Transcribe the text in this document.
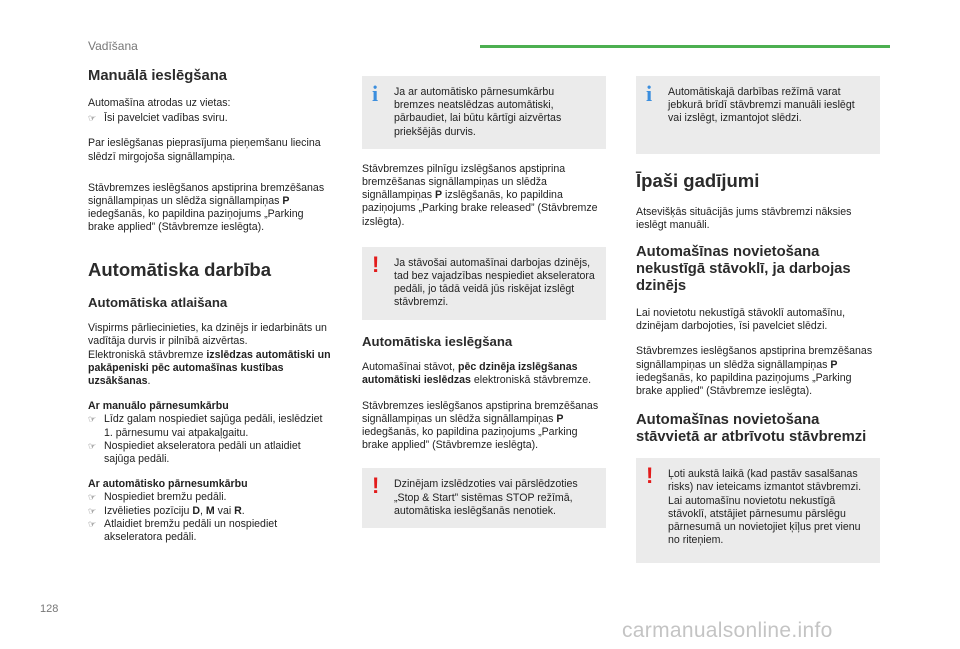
Vadīšana
Manuālā ieslēgšana

Automašīna atrodas uz vietas:

☞ Īsi pavelciet vadības sviru.

Par ieslēgšanas pieprasījuma pieņemšanu liecina slēdzī mirgojoša signāllampiņa.

Stāvbremzes ieslēgšanos apstiprina bremzēšanas signāllampiņas un slēdža signāllampiņas P iedegšanās, ko papildina paziņojums „Parking brake applied” (Stāvbremze ieslēgta).

Automātiska darbība
Automātiska atlaišana

Vispirms pārliecinieties, ka dzinējs ir iedarbināts un vadītāja durvis ir pilnībā aizvērtas.
Elektroniskā stāvbremze izslēdzas automātiski un pakāpeniski pēc automašīnas kustības uzsākšanas.

Ar manuālo pārnesumkārbu
☞ Līdz galam nospiediet sajūga pedāli, ieslēdziet 1. pārnesumu vai atpakaļgaitu.
☞ Nospiediet akseleratora pedāli un atlaidiet sajūga pedāli.
Ar automātisko pārnesumkārbu
☞ Nospiediet bremžu pedāli.
☞ Izvēlieties pozīciju D, M vai R.
☞ Atlaidiet bremžu pedāli un nospiediet akseleratora pedāli.
i Ja ar automātisko pārnesumkārbu bremzes neatslēdzas automātiski, pārbaudiet, lai būtu kārtīgi aizvērtas priekšējās durvis.

Stāvbremzes pilnīgu izslēgšanos apstiprina bremzēšanas signāllampiņas un slēdža signāllampiņas P izslēgšanās, ko papildina paziņojums „Parking brake released” (Stāvbremze izslēgta).

! Ja stāvošai automašīnai darbojas dzinējs, tad bez vajadzības nespiediet akseleratora pedāli, jo tādā veidā jūs riskējat izslēgt stāvbremzi.
Automātiska ieslēgšana

Automašīnai stāvot, pēc dzinēja izslēgšanas automātiski ieslēdzas elektroniskā stāvbremze.

Stāvbremzes ieslēgšanos apstiprina bremzēšanas signāllampiņas un slēdža signāllampiņas P iedegšanās, ko papildina paziņojums „Parking brake applied” (Stāvbremze ieslēgta).

! Dzinējam izslēdzoties vai pārslēdzoties „Stop & Start” sistēmas STOP režīmā, automātiska ieslēgšanās nenotiek.
i Automātiskajā darbības režīmā varat jebkurā brīdī stāvbremzi manuāli ieslēgt vai izslēgt, izmantojot slēdzi.
Īpaši gadījumi

Atsevišķās situācijās jums stāvbremzi nāksies ieslēgt manuāli.

Automašīnas novietošana nekustīgā stāvoklī, ja darbojas dzinējs

Lai novietotu nekustīgā stāvoklī automašīnu, dzinējam darbojoties, īsi pavelciet slēdzi.

Stāvbremzes ieslēgšanos apstiprina bremzēšanas signāllampiņas un slēdža signāllampiņas P iedegšanās, ko papildina paziņojums „Parking brake applied” (Stāvbremze ieslēgta).

Automašīnas novietošana stāvvietā ar atbrīvotu stāvbremzi
! Ļoti aukstā laikā (kad pastāv sasalšanas risks) nav ieteicams izmantot stāvbremzi. Lai automašīnu novietotu nekustīgā stāvoklī, atstājiet pārnesumu pārslēgu pārnesumā un novietojiet ķīļus pret vienu no riteņiem.
128
carmanualsonline.info
